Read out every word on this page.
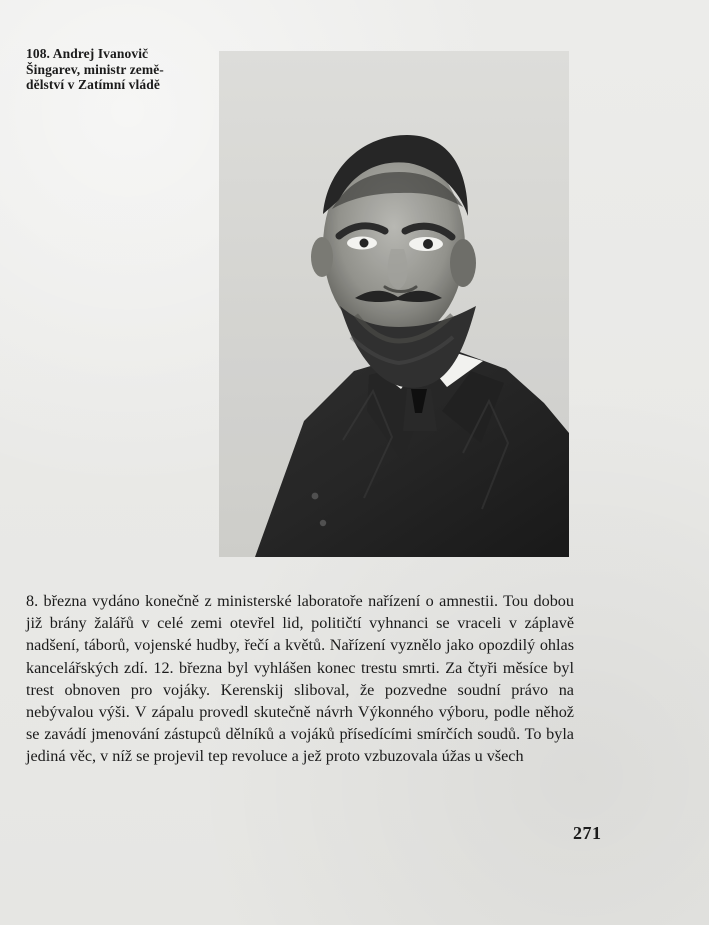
108. Andrej Ivanovič
Šingarev, ministr země-
dělství v Zatímní vládě

8. března vydáno konečně z ministerské laboratoře nařízení o amnestii. Tou dobou již brány žalářů v celé zemi otevřel lid, političtí vyhnanci se vraceli v záplavě nadšení, táborů, vojenské hudby, řečí a květů. Nařízení vyznělo jako opozdilý ohlas kancelářských zdí. 12. března byl vyhlášen konec trestu smrti. Za čtyři měsíce byl trest obnoven pro vojáky. Kerenskij sliboval, že pozvedne soudní právo na nebývalou výši. V zápalu provedl skutečně návrh Výkonného výboru, podle něhož se zavádí jmenování zástupců dělníků a vojáků přísedícími smírčích soudů. To byla jediná věc, v níž se projevil tep revoluce a jež proto vzbuzovala úžas u všech

271
